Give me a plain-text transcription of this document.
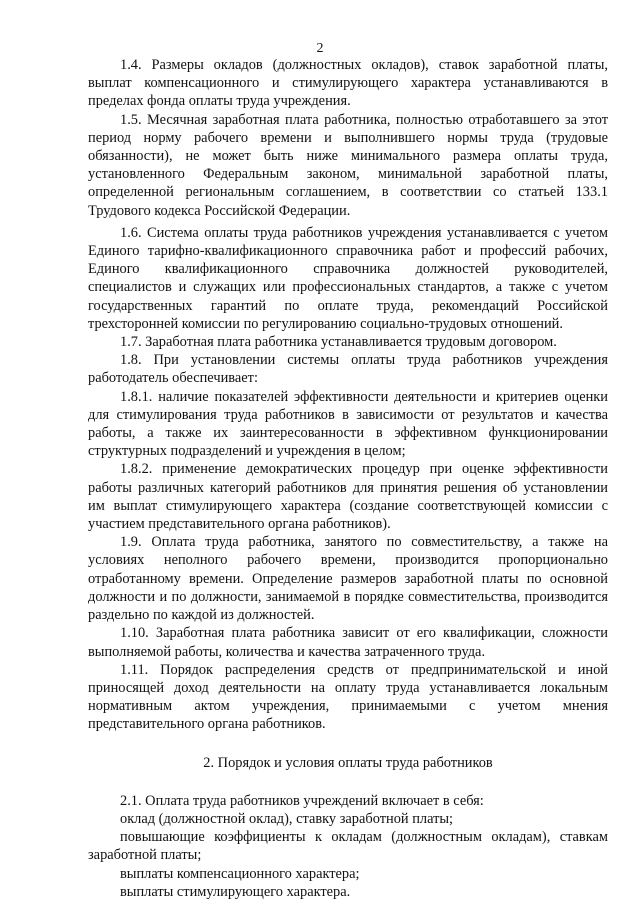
2

1.4. Размеры окладов (должностных окладов), ставок заработной платы, выплат компенсационного и стимулирующего характера устанавливаются в пределах фонда оплаты труда учреждения.

1.5. Месячная заработная плата работника, полностью отработавшего за этот период норму рабочего времени и выполнившего нормы труда (трудовые обязанности), не может быть ниже минимального размера оплаты труда, установленного Федеральным законом, минимальной заработной платы, определенной региональным соглашением, в соответствии со статьей 133.1 Трудового кодекса Российской Федерации.

1.6. Система оплаты труда работников учреждения устанавливается с учетом Единого тарифно-квалификационного справочника работ и профессий рабочих, Единого квалификационного справочника должностей руководителей, специалистов и служащих или профессиональных стандартов, а также с учетом государственных гарантий по оплате труда, рекомендаций Российской трехсторонней комиссии по регулированию социально-трудовых отношений.

1.7. Заработная плата работника устанавливается трудовым договором.

1.8. При установлении системы оплаты труда работников учреждения работодатель обеспечивает:

1.8.1. наличие показателей эффективности деятельности и критериев оценки для стимулирования труда работников в зависимости от результатов и качества работы, а также их заинтересованности в эффективном функционировании структурных подразделений и учреждения в целом;

1.8.2. применение демократических процедур при оценке эффективности работы различных категорий работников для принятия решения об установлении им выплат стимулирующего характера (создание соответствующей комиссии с участием представительного органа работников).

1.9. Оплата труда работника, занятого по совместительству, а также на условиях неполного рабочего времени, производится пропорционально отработанному времени. Определение размеров заработной платы по основной должности и по должности, занимаемой в порядке совместительства, производится раздельно по каждой из должностей.

1.10. Заработная плата работника зависит от его квалификации, сложности выполняемой работы, количества и качества затраченного труда.

1.11. Порядок распределения средств от предпринимательской и иной приносящей доход деятельности на оплату труда устанавливается локальным нормативным актом учреждения, принимаемыми с учетом мнения представительного органа работников.

2. Порядок и условия оплаты труда работников

2.1. Оплата труда работников учреждений включает в себя:

оклад (должностной оклад), ставку заработной платы;

повышающие коэффициенты к окладам (должностным окладам), ставкам заработной платы;

выплаты компенсационного характера;

выплаты стимулирующего характера.
